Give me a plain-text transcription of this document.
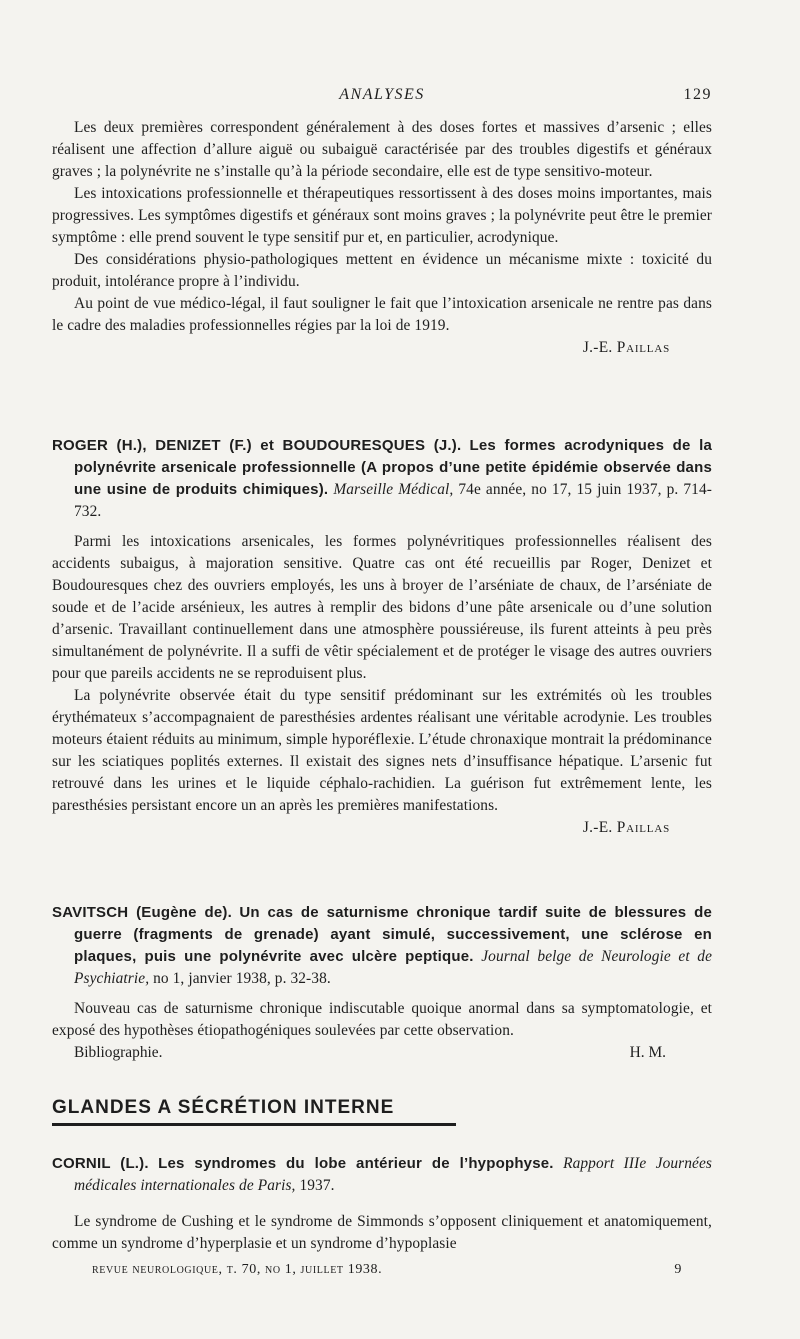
ANALYSES	129

Les deux premières correspondent généralement à des doses fortes et massives d’arsenic ; elles réalisent une affection d’allure aiguë ou subaiguë caractérisée par des troubles digestifs et généraux graves ; la polynévrite ne s’installe qu’à la période secondaire, elle est de type sensitivo-moteur.

Les intoxications professionnelle et thérapeutiques ressortissent à des doses moins importantes, mais progressives. Les symptômes digestifs et généraux sont moins graves ; la polynévrite peut être le premier symptôme : elle prend souvent le type sensitif pur et, en particulier, acrodynique.

Des considérations physio-pathologiques mettent en évidence un mécanisme mixte : toxicité du produit, intolérance propre à l’individu.

Au point de vue médico-légal, il faut souligner le fait que l’intoxication arsenicale ne rentre pas dans le cadre des maladies professionnelles régies par la loi de 1919.

J.-E. Paillas

ROGER (H.), DENIZET (F.) et BOUDOURESQUES (J.). Les formes acrodyniques de la polynévrite arsenicale professionnelle (A propos d’une petite épidémie observée dans une usine de produits chimiques). Marseille Médical, 74e année, no 17, 15 juin 1937, p. 714-732.

Parmi les intoxications arsenicales, les formes polynévritiques professionnelles réalisent des accidents subaigus, à majoration sensitive. Quatre cas ont été recueillis par Roger, Denizet et Boudouresques chez des ouvriers employés, les uns à broyer de l’arséniate de chaux, de l’arséniate de soude et de l’acide arsénieux, les autres à remplir des bidons d’une pâte arsenicale ou d’une solution d’arsenic. Travaillant continuellement dans une atmosphère poussiéreuse, ils furent atteints à peu près simultanément de polynévrite. Il a suffi de vêtir spécialement et de protéger le visage des autres ouvriers pour que pareils accidents ne se reproduisent plus.

La polynévrite observée était du type sensitif prédominant sur les extrémités où les troubles érythémateux s’accompagnaient de paresthésies ardentes réalisant une véritable acrodynie. Les troubles moteurs étaient réduits au minimum, simple hyporéflexie. L’étude chronaxique montrait la prédominance sur les sciatiques poplités externes. Il existait des signes nets d’insuffisance hépatique. L’arsenic fut retrouvé dans les urines et le liquide céphalo-rachidien. La guérison fut extrêmement lente, les paresthésies persistant encore un an après les premières manifestations.

J.-E. Paillas

SAVITSCH (Eugène de). Un cas de saturnisme chronique tardif suite de blessures de guerre (fragments de grenade) ayant simulé, successivement, une sclérose en plaques, puis une polynévrite avec ulcère peptique. Journal belge de Neurologie et de Psychiatrie, no 1, janvier 1938, p. 32-38.

Nouveau cas de saturnisme chronique indiscutable quoique anormal dans sa symptomatologie, et exposé des hypothèses étiopathogéniques soulevées par cette observation.

Bibliographie.	H. M.

GLANDES A SÉCRÉTION INTERNE

CORNIL (L.). Les syndromes du lobe antérieur de l’hypophyse. Rapport IIIe Journées médicales internationales de Paris, 1937.

Le syndrome de Cushing et le syndrome de Simmonds s’opposent cliniquement et anatomiquement, comme un syndrome d’hyperplasie et un syndrome d’hypoplasie

revue neurologique, t. 70, no 1, juillet 1938.	9
